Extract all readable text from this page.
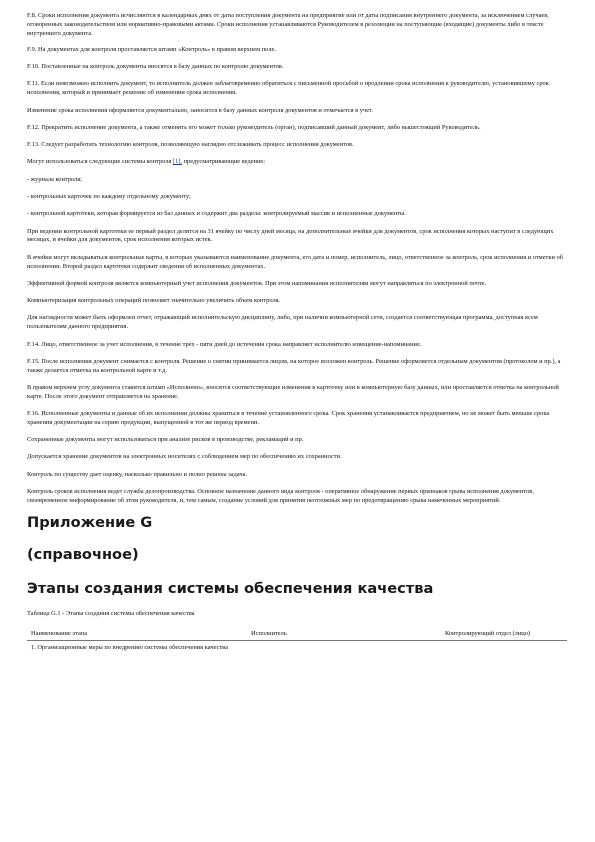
F.8. Сроки исполнения документа исчисляются в календарных днях от даты поступления документа на предприятие или от даты подписания внутреннего документа, за исключением случаев, оговоренных законодательством или нормативно-правовыми актами. Сроки исполнения устанавливаются Руководителем в резолюции на поступающие (входящие) документы либо в тексте внутреннего документа.

F.9. На документах для контроля проставляется штамп «Контроль» в правом верхнем поле.

F.10. Поставленные на контроль документы вносятся в базу данных по контролю документов.

F.11. Если невозможно исполнить документ, то исполнитель должен заблаговременно обратиться с письменной просьбой о продлении срока исполнения к руководителю, установившему срок исполнения, который и принимает решение об изменении срока исполнения.

Изменение срока исполнения оформляется документально, заносится в базу данных контроля документов и отмечается в учет.

F.12. Прекратить исполнение документа, а также отменить его может только руководитель (орган), подписавший данный документ, либо вышестоящий Руководитель.

F.13. Следует разработать технологию контроля, позволяющую наглядно отслеживать процесс исполнения документов.

Могут использоваться следующие системы контроля [1], предусматривающие ведение:

- журнала контроля;

- контрольных карточек по каждому отдельному документу;

- контрольной картотеки, которая формируется из баз данных и содержит два раздела: контролируемый массив и исполненные документы.

При ведении контрольной картотеки ее первый раздел делится на 31 ячейку по числу дней месяца, на дополнительные ячейки для документов, срок исполнения которых наступит в следующих месяцах, и ячейки для документов, срок исполнения которых истек.

В ячейки могут вкладываться контрольные карты, в которых указываются наименование документа, его дата и номер, исполнитель, лицо, ответственное за контроль, срок исполнения и отметки об исполнении. Второй раздел картотеки содержит сведения об исполненных документах.

Эффективной формой контроля является компьютерный учет исполнения документов. При этом напоминания исполнителям могут направляться по электронной почте.

Компьютеризация контрольных операций позволяет значительно увеличить объем контроля.

Для наглядности может быть оформлен отчет, отражающий исполнительскую дисциплину, либо, при наличии компьютерной сети, создается соответствующая программа, доступная всем пользователям данного предприятия.

F.14. Лицо, ответственное за учет исполнения, в течение трех - пяти дней до истечения срока направляет исполнителю извещение-напоминание.

F.15. После исполнения документ снимается с контроля. Решение о снятии принимается лицом, на которое возложен контроль. Решение оформляется отдельным документом (протоколом и пр.), а также делается отметка на контрольной карте и т.д.

В правом верхнем углу документа ставится штамп «Исполнено», вносятся соответствующие изменения в картотеку или в компьютерную базу данных, или проставляется отметка на контрольной карте. После этого документ отправляется на хранение.

F.16. Исполненные документы и данные об их исполнении должны храниться в течение установленного срока. Срок хранения устанавливается предприятием, но не может быть меньше срока хранения документации на серию продукции, выпущенной в тот же период времени.

Сохраненные документы могут использоваться при анализе рисков в производстве, рекламаций и пр.

Допускается хранение документов на электронных носителях с соблюдением мер по обеспечению их сохранности.

Контроль по существу дает оценку, насколько правильно и полно решена задача.

Контроль сроков исполнения ведет служба делопроизводства. Основное назначение данного вида контроля - оперативное обнаружение первых признаков срыва исполнения документов, своевременное информирование об этом руководителя, и, тем самым, создание условий для принятия неотложных мер по предотвращению срыва намеченных мероприятий.

Приложение G
(справочное)
Этапы создания системы обеспечения качества

Таблица G.1 - Этапы создания системы обеспечения качества

Наименование этапа	Исполнитель	Контролирующий отдел (лицо)
1. Организационные меры по внедрению системы обеспечения качества
